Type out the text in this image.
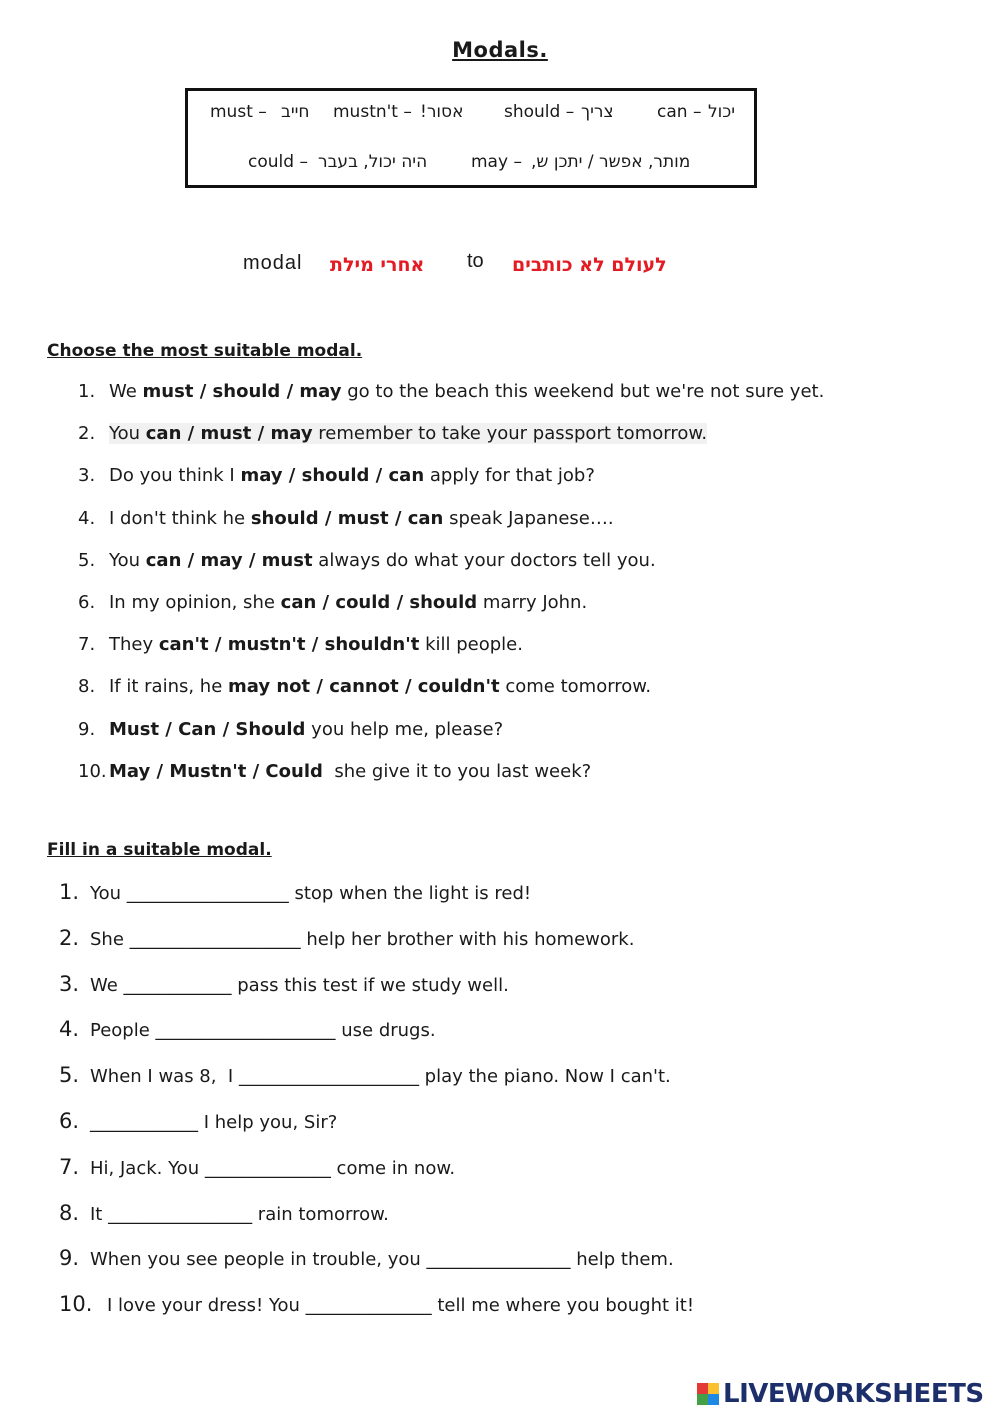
Modals.
must – חייב mustn't – אסור! should – צריך	can – יכול
could – היה יכול, בעבר	may – מותר, אפשר / יתכן ש,
modal אחרי מילת to לעולם לא כותבים
Choose the most suitable modal.
1. We must / should / may go to the beach this weekend but we're not sure yet.
2. You can / must / may remember to take your passport tomorrow.
3. Do you think I may / should / can apply for that job?
4. I don't think he should / must / can speak Japanese….
5. You can / may / must always do what your doctors tell you.
6. In my opinion, she can / could / should marry John.
7. They can't / mustn't / shouldn't kill people.
8. If it rains, he may not / cannot / couldn't come tomorrow.
9. Must / Can / Should you help me, please?
10. May / Mustn't / Could  she give it to you last week?
Fill in a suitable modal.
1. You __________________ stop when the light is red!
2. She ___________________ help her brother with his homework.
3. We ____________ pass this test if we study well.
4. People ____________________ use drugs.
5. When I was 8,  I ____________________ play the piano. Now I can't.
6. ____________ I help you, Sir?
7. Hi, Jack. You ______________ come in now.
8. It ________________ rain tomorrow.
9. When you see people in trouble, you ________________ help them.
10. I love your dress! You ______________ tell me where you bought it!
LIVEWORKSHEETS
